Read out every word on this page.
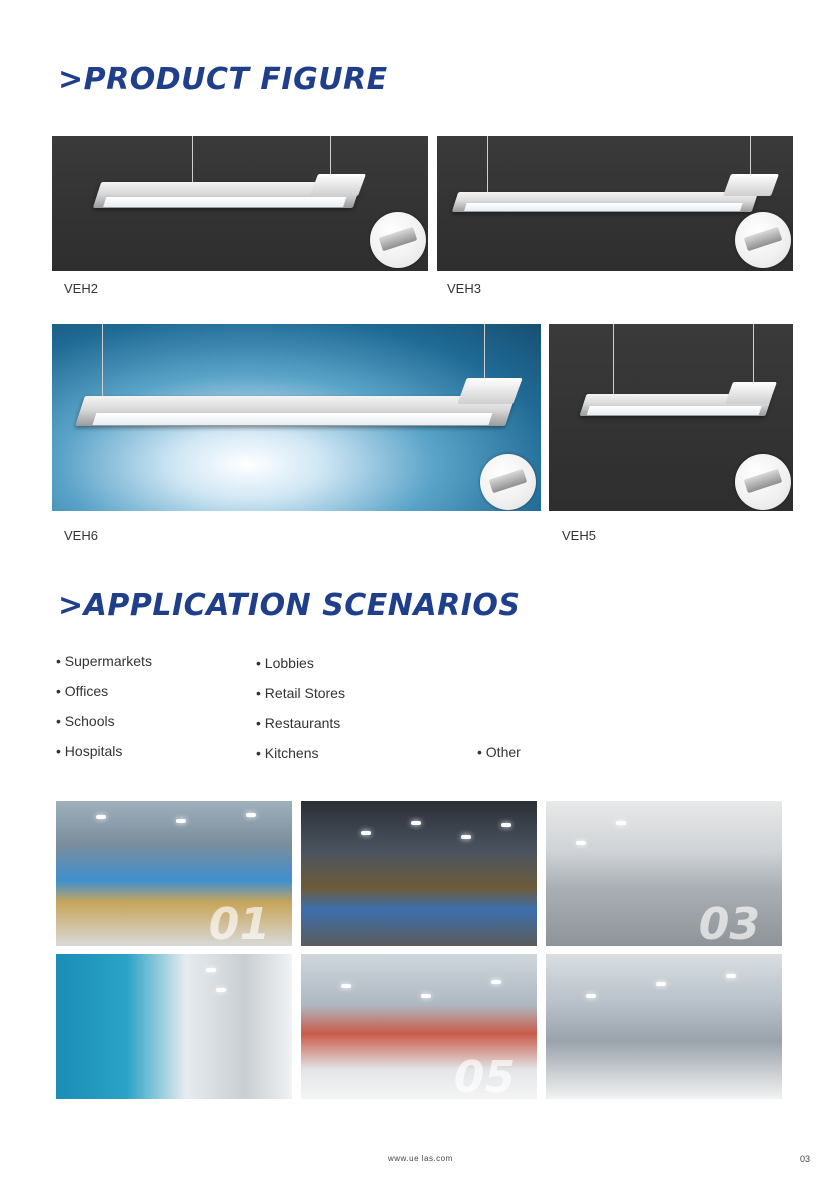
>PRODUCT FIGURE
VEH2	VEH3
VEH6	VEH5
>APPLICATION SCENARIOS
• Supermarkets
• Offices
• Schools
• Hospitals
• Lobbies
• Retail Stores
• Restaurants
• Kitchens
•	Other
01	03
05
www.ue las.com	03
